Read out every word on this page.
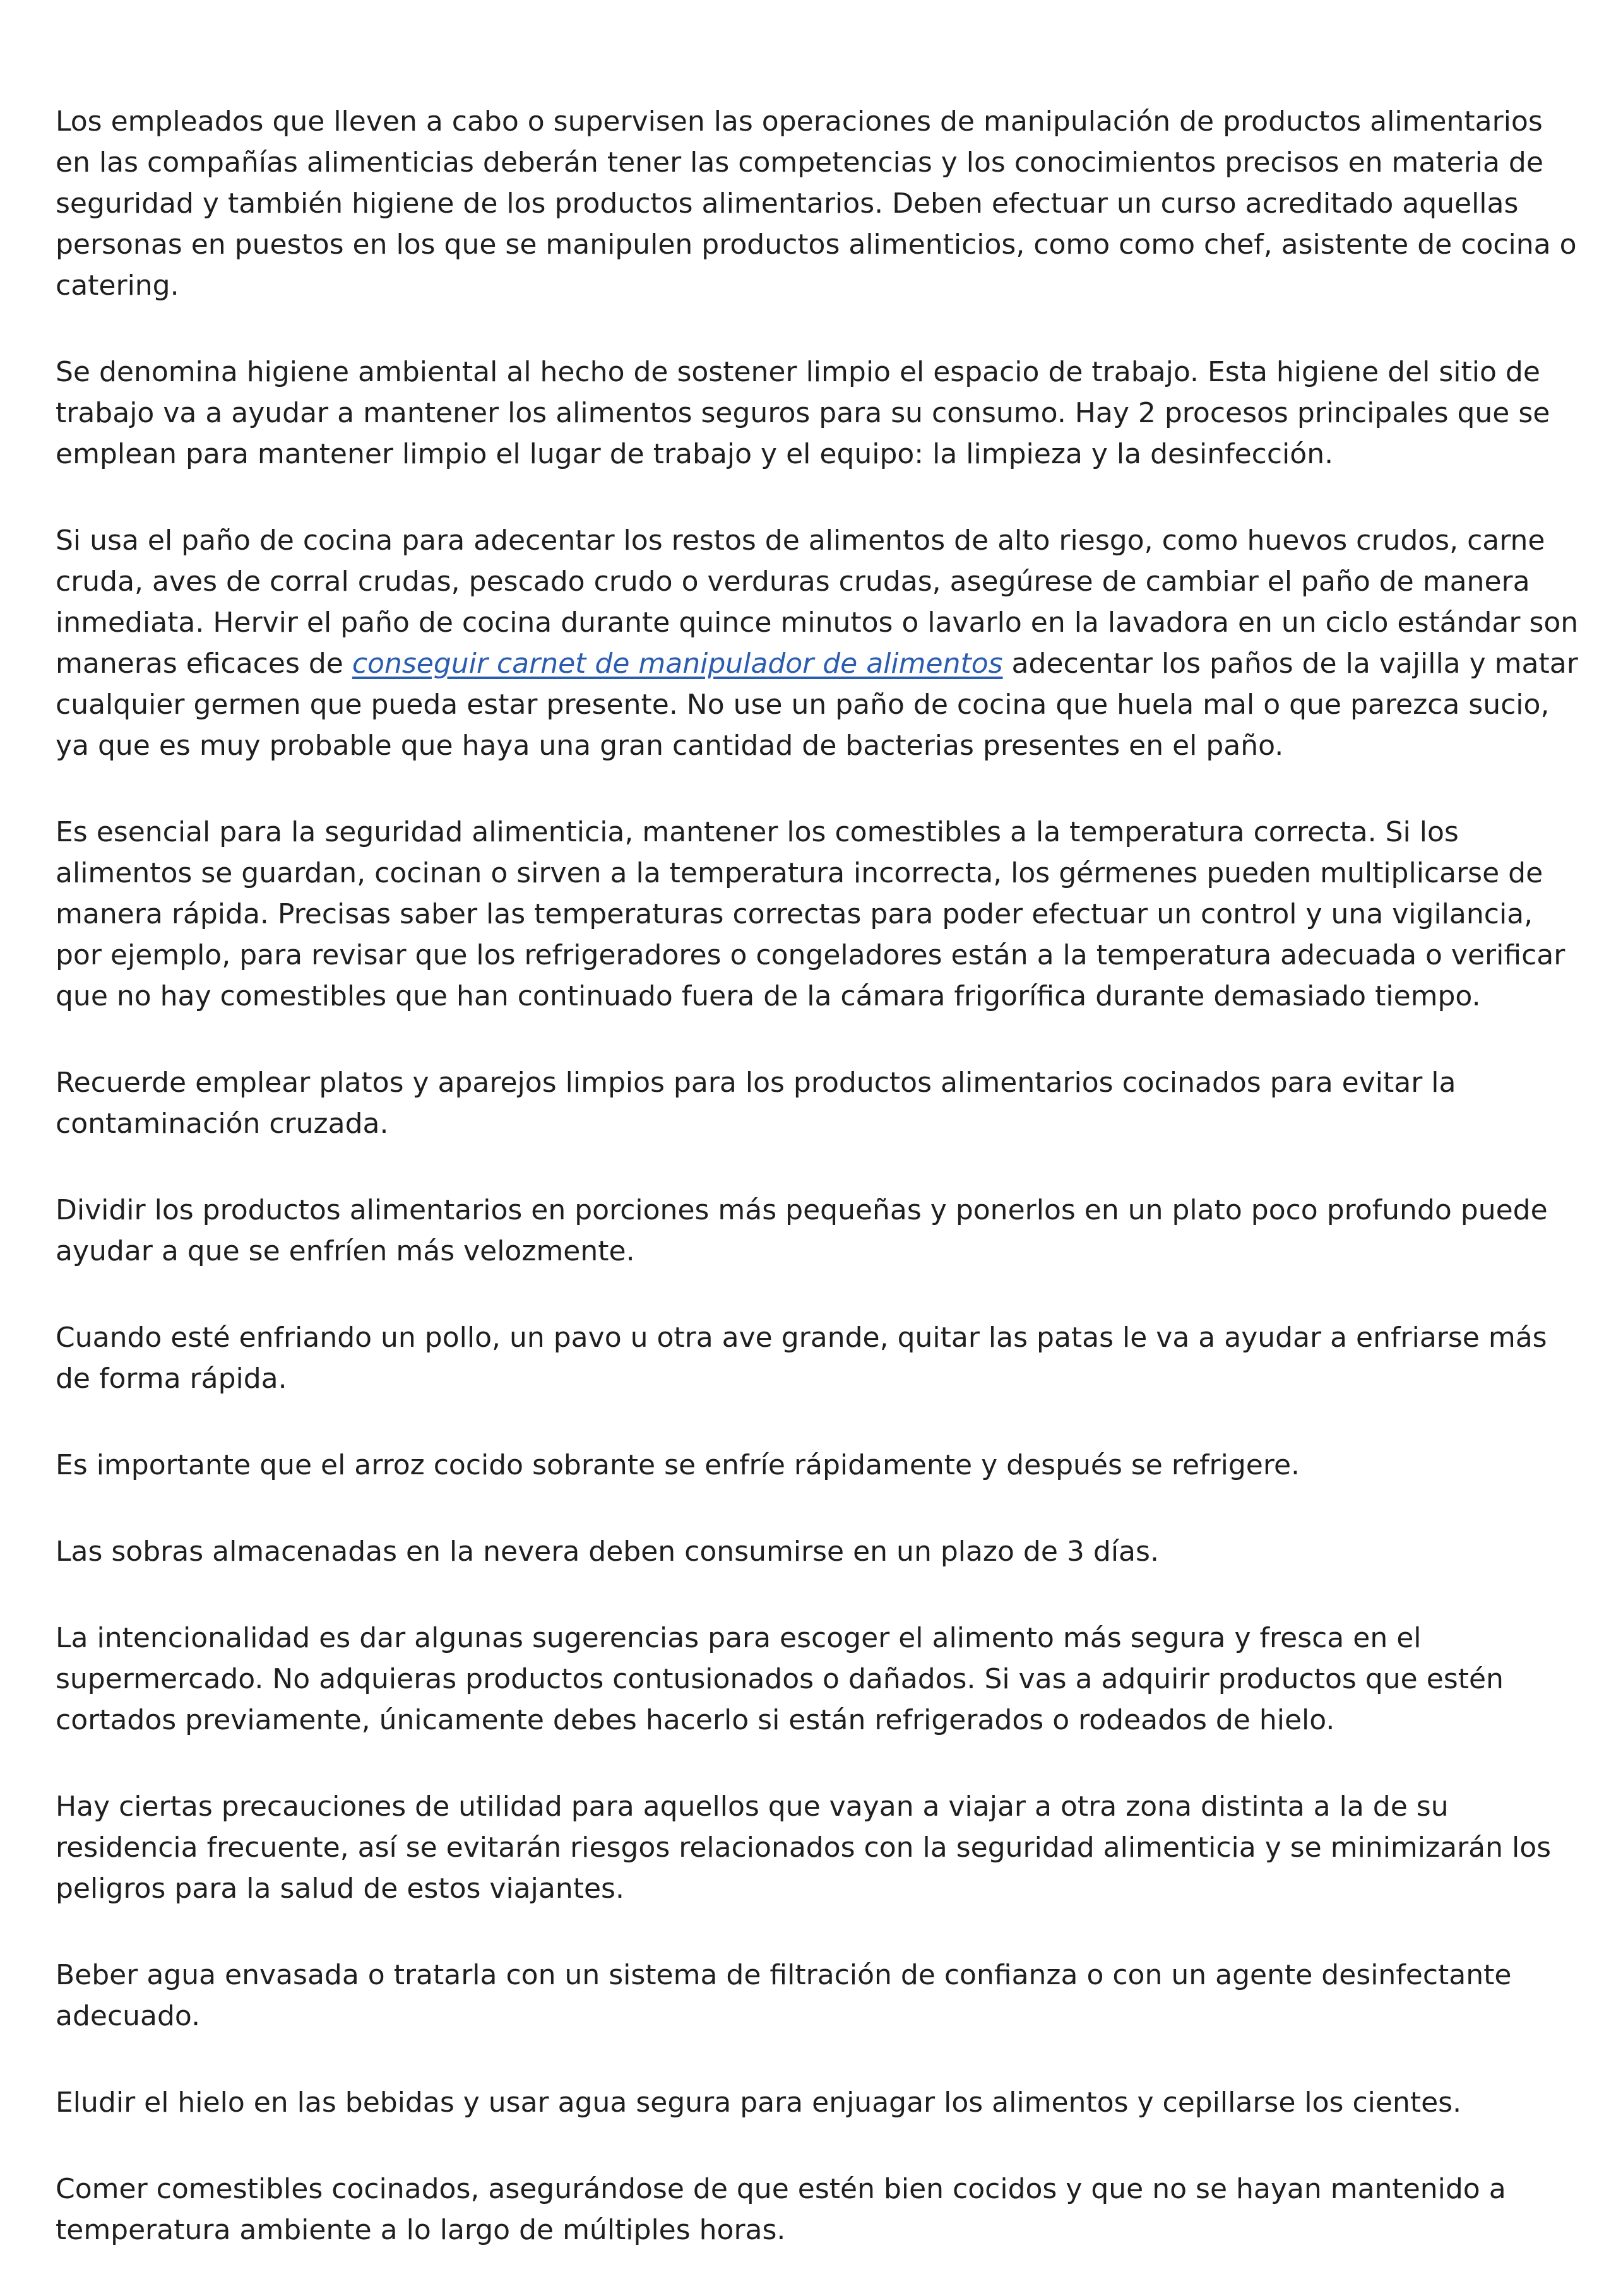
Los empleados que lleven a cabo o supervisen las operaciones de manipulación de productos alimentarios en las compañías alimenticias deberán tener las competencias y los conocimientos precisos en materia de seguridad y también higiene de los productos alimentarios. Deben efectuar un curso acreditado aquellas personas en puestos en los que se manipulen productos alimenticios, como como chef, asistente de cocina o catering.

Se denomina higiene ambiental al hecho de sostener limpio el espacio de trabajo. Esta higiene del sitio de trabajo va a ayudar a mantener los alimentos seguros para su consumo. Hay 2 procesos principales que se emplean para mantener limpio el lugar de trabajo y el equipo: la limpieza y la desinfección.

Si usa el paño de cocina para adecentar los restos de alimentos de alto riesgo, como huevos crudos, carne cruda, aves de corral crudas, pescado crudo o verduras crudas, asegúrese de cambiar el paño de manera inmediata. Hervir el paño de cocina durante quince minutos o lavarlo en la lavadora en un ciclo estándar son maneras eficaces de conseguir carnet de manipulador de alimentos adecentar los paños de la vajilla y matar cualquier germen que pueda estar presente. No use un paño de cocina que huela mal o que parezca sucio, ya que es muy probable que haya una gran cantidad de bacterias presentes en el paño.

Es esencial para la seguridad alimenticia, mantener los comestibles a la temperatura correcta. Si los alimentos se guardan, cocinan o sirven a la temperatura incorrecta, los gérmenes pueden multiplicarse de manera rápida. Precisas saber las temperaturas correctas para poder efectuar un control y una vigilancia, por ejemplo, para revisar que los refrigeradores o congeladores están a la temperatura adecuada o verificar que no hay comestibles que han continuado fuera de la cámara frigorífica durante demasiado tiempo.

Recuerde emplear platos y aparejos limpios para los productos alimentarios cocinados para evitar la contaminación cruzada.

Dividir los productos alimentarios en porciones más pequeñas y ponerlos en un plato poco profundo puede ayudar a que se enfríen más velozmente.

Cuando esté enfriando un pollo, un pavo u otra ave grande, quitar las patas le va a ayudar a enfriarse más de forma rápida.

Es importante que el arroz cocido sobrante se enfríe rápidamente y después se refrigere.

Las sobras almacenadas en la nevera deben consumirse en un plazo de 3 días.

La intencionalidad es dar algunas sugerencias para escoger el alimento más segura y fresca en el supermercado. No adquieras productos contusionados o dañados. Si vas a adquirir productos que estén cortados previamente, únicamente debes hacerlo si están refrigerados o rodeados de hielo.

Hay ciertas precauciones de utilidad para aquellos que vayan a viajar a otra zona distinta a la de su residencia frecuente, así se evitarán riesgos relacionados con la seguridad alimenticia y se minimizarán los peligros para la salud de estos viajantes.

Beber agua envasada o tratarla con un sistema de filtración de confianza o con un agente desinfectante adecuado.

Eludir el hielo en las bebidas y usar agua segura para enjuagar los alimentos y cepillarse los cientes.

Comer comestibles cocinados, asegurándose de que estén bien cocidos y que no se hayan mantenido a temperatura ambiente a lo largo de múltiples horas.
